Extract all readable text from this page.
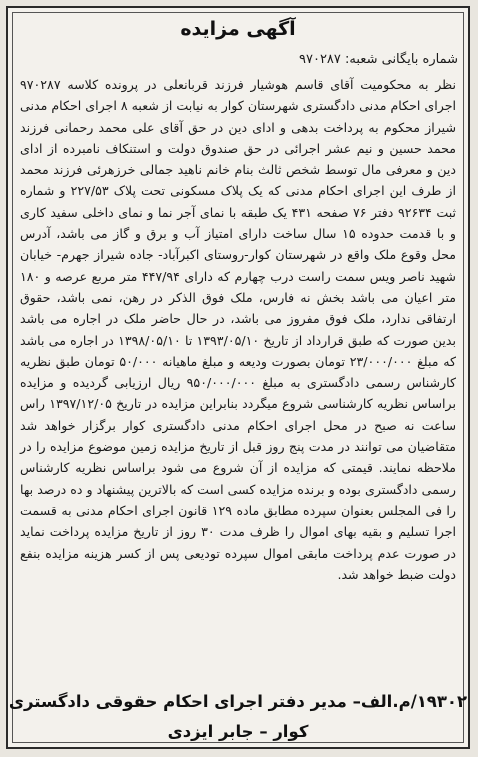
آگهی مزایده
شماره بایگانی شعبه: ۹۷۰۲۸۷

نظر به محکومیت آقای قاسم هوشیار فرزند قربانعلی در پرونده کلاسه ۹۷۰۲۸۷ اجرای احکام مدنی دادگستری شهرستان کوار به نیابت از شعبه ۸ اجرای احکام مدنی شیراز محکوم به پرداخت بدهی و ادای دین در حق آقای علی محمد رحمانی فرزند محمد حسین و نیم عشر اجرائی در حق صندوق دولت و استنکاف نامبرده از ادای دین و معرفی مال توسط شخص ثالث بنام خانم ناهید جمالی خرزهرئی فرزند محمد از طرف این اجرای احکام مدنی که یک پلاک مسکونی تحت پلاک ۲۲۷/۵۳ و شماره ثبت ۹۲۶۳۴ دفتر ۷۶ صفحه ۴۳۱ یک طبقه با نمای آجر نما و نمای داخلی سفید کاری و با قدمت حدوده ۱۵ سال ساخت دارای امتیاز آب و برق و گاز می باشد، آدرس محل وقوع ملک واقع در شهرستان کوار-روستای اکبرآباد- جاده شیراز جهرم- خیابان شهید ناصر ویس سمت راست درب چهارم که دارای ۴۴۷/۹۴ متر مربع عرصه و ۱۸۰ متر اعیان می باشد بخش نه فارس، ملک فوق الذکر در رهن، نمی باشد، حقوق ارتفاقی ندارد، ملک فوق مفروز می باشد، در حال حاضر ملک در اجاره می باشد بدین صورت که طبق قرارداد از تاریخ ۱۳۹۳/۰۵/۱۰ تا ۱۳۹۸/۰۵/۱۰ در اجاره می باشد که مبلغ ۲۳/۰۰۰/۰۰۰ تومان بصورت ودیعه و مبلغ ماهیانه ۵۰/۰۰۰ تومان طبق نظریه کارشناس رسمی دادگستری به مبلغ ۹۵۰/۰۰۰/۰۰۰ ریال ارزیابی گردیده و مزایده براساس نظریه کارشناسی شروع میگردد بنابراین مزایده در تاریخ ۱۳۹۷/۱۲/۰۵ راس ساعت نه صبح در محل اجرای احکام مدنی دادگستری کوار برگزار خواهد شد متقاضیان می توانند در مدت پنج روز قبل از تاریخ مزایده زمین موضوع مزایده را در ملاحظه نمایند. قیمتی که مزایده از آن شروع می شود براساس نظریه کارشناس رسمی دادگستری بوده و برنده مزایده کسی است که بالاترین پیشنهاد و ده درصد بها را فی المجلس بعنوان سپرده مطابق ماده ۱۲۹ قانون اجرای احکام مدنی به قسمت اجرا تسلیم و بقیه بهای اموال را ظرف مدت ۳۰ روز از تاریخ مزایده پرداخت نماید در صورت عدم پرداخت مابقی اموال سپرده تودیعی پس از کسر هزینه مزایده بنفع دولت ضبط خواهد شد.

۱۹۳۰۲/م.الف– مدیر دفتر اجرای احکام حقوقی دادگستری
کوار – جابر ایزدی
